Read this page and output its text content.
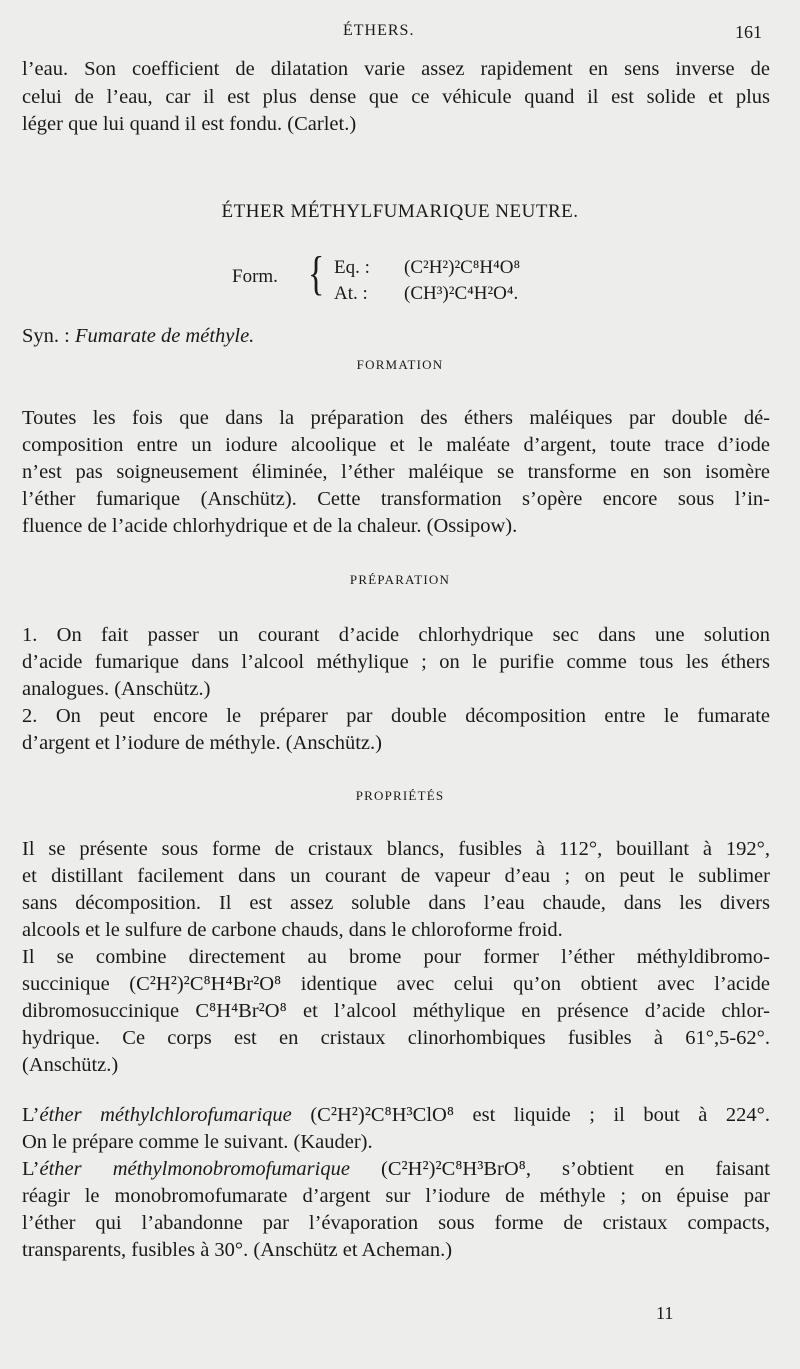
ÉTHERS.	161
l’eau. Son coefficient de dilatation varie assez rapidement en sens inverse de
celui de l’eau, car il est plus dense que ce véhicule quand il est solide et plus
léger que lui quand il est fondu. (Carlet.)
ÉTHER MÉTHYLFUMARIQUE NEUTRE.
Form. { Eq. : (C²H²)²C⁸H⁴O⁸
At. : (CH³)²C⁴H²O⁴.
Syn. : Fumarate de méthyle.
FORMATION
Toutes les fois que dans la préparation des éthers maléiques par double dé-
composition entre un iodure alcoolique et le maléate d’argent, toute trace d’iode
n’est pas soigneusement éliminée, l’éther maléique se transforme en son isomère
l’éther fumarique (Anschütz). Cette transformation s’opère encore sous l’in-
fluence de l’acide chlorhydrique et de la chaleur. (Ossipow).
PRÉPARATION
1. On fait passer un courant d’acide chlorhydrique sec dans une solution
d’acide fumarique dans l’alcool méthylique ; on le purifie comme tous les éthers
analogues. (Anschütz.)
2. On peut encore le préparer par double décomposition entre le fumarate
d’argent et l’iodure de méthyle. (Anschütz.)
PROPRIÉTÉS
Il se présente sous forme de cristaux blancs, fusibles à 112°, bouillant à 192°,
et distillant facilement dans un courant de vapeur d’eau ; on peut le sublimer
sans décomposition. Il est assez soluble dans l’eau chaude, dans les divers
alcools et le sulfure de carbone chauds, dans le chloroforme froid.
Il se combine directement au brome pour former l’éther méthyldibromo-
succinique (C²H²)²C⁸H⁴Br²O⁸ identique avec celui qu’on obtient avec l’acide
dibromosuccinique C⁸H⁴Br²O⁸ et l’alcool méthylique en présence d’acide chlor-
hydrique. Ce corps est en cristaux clinorhombiques fusibles à 61°,5-62°.
(Anschütz.)
L’éther méthylchlorofumarique (C²H²)²C⁸H³ClO⁸ est liquide ; il bout à 224°.
On le prépare comme le suivant. (Kauder).
L’éther méthylmonobromofumarique (C²H²)²C⁸H³BrO⁸, s’obtient en faisant
réagir le monobromofumarate d’argent sur l’iodure de méthyle ; on épuise par
l’éther qui l’abandonne par l’évaporation sous forme de cristaux compacts,
transparents, fusibles à 30°. (Anschütz et Acheman.)
11
